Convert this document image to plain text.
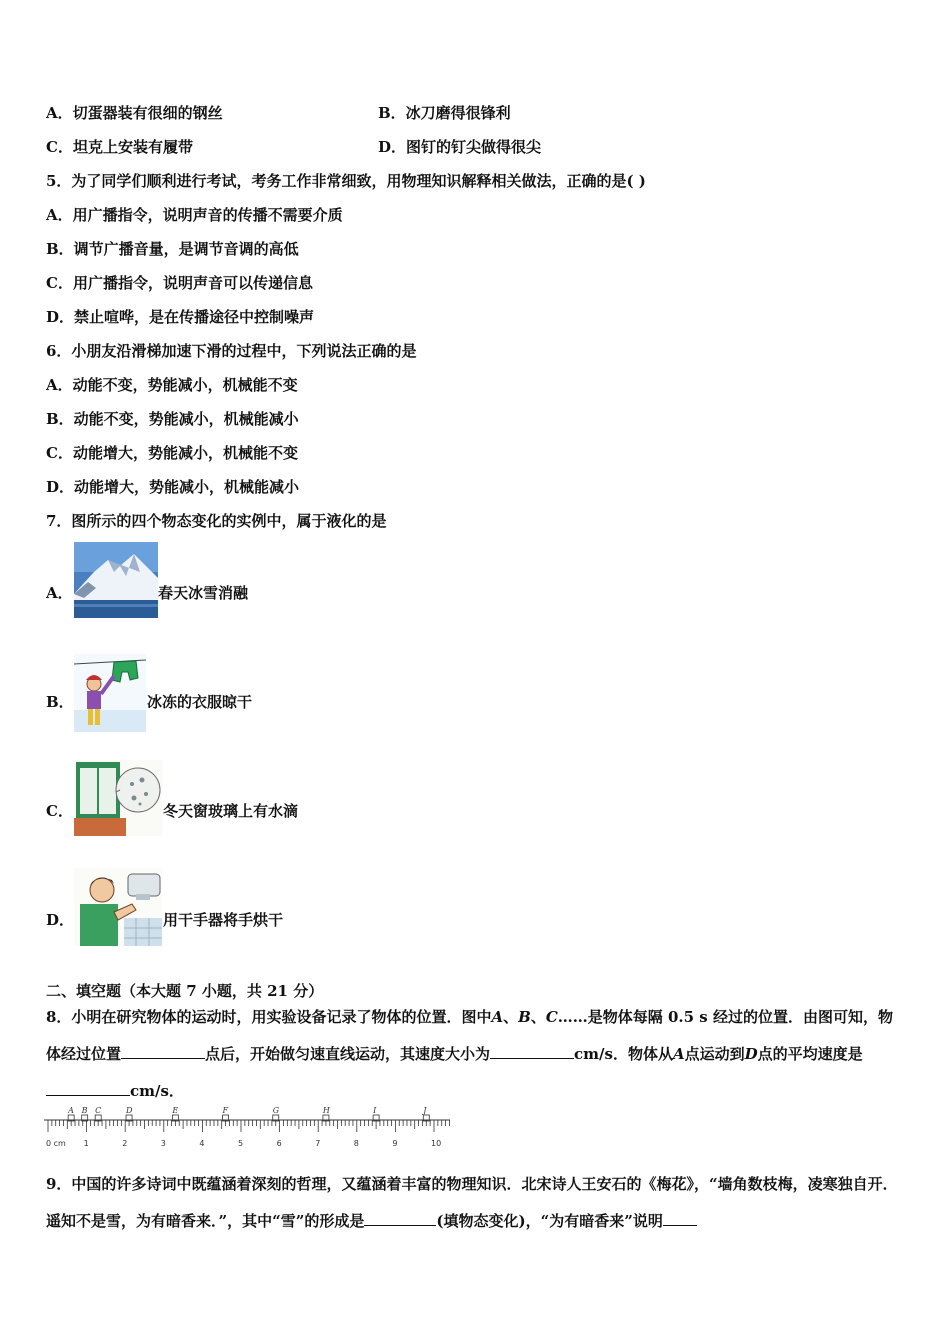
A．切蛋器装有很细的钢丝	B．冰刀磨得很锋利
C．坦克上安装有履带	D．图钉的钉尖做得很尖
5．为了同学们顺利进行考试，考务工作非常细致，用物理知识解释相关做法，正确的是( )
A．用广播指令，说明声音的传播不需要介质
B．调节广播音量，是调节音调的高低
C．用广播指令，说明声音可以传递信息
D．禁止喧哗，是在传播途径中控制噪声
6．小朋友沿滑梯加速下滑的过程中，下列说法正确的是
A．动能不变，势能减小，机械能不变
B．动能不变，势能减小，机械能减小
C．动能增大，势能减小，机械能不变
D．动能增大，势能减小，机械能减小
7．图所示的四个物态变化的实例中，属于液化的是
A．	春天冰雪消融
B．	冰冻的衣服晾干
C．	冬天窗玻璃上有水滴
D．	用干手器将手烘干
二、填空题（本大题 7 小题，共 21 分）
8．小明在研究物体的运动时，用实验设备记录了物体的位置．图中A、B、C……是物体每隔 0.5 s 经过的位置．由图可知，物体经过位置	点后，开始做匀速直线运动，其速度大小为	cm/s．物体从A点运动到D点的平均速度是cm/s．
0 cm 1	2	3	4	5	6	7	8	9	10
A B C	D	E	F	G	H	I	J
9．中国的许多诗词中既蕴涵着深刻的哲理，又蕴涵着丰富的物理知识．北宋诗人王安石的《梅花》，“墙角数枝梅，凌寒独自开．遥知不是雪，为有暗香来．”，其中“雪”的形成是	(填物态变化)，“为有暗香来”说明
